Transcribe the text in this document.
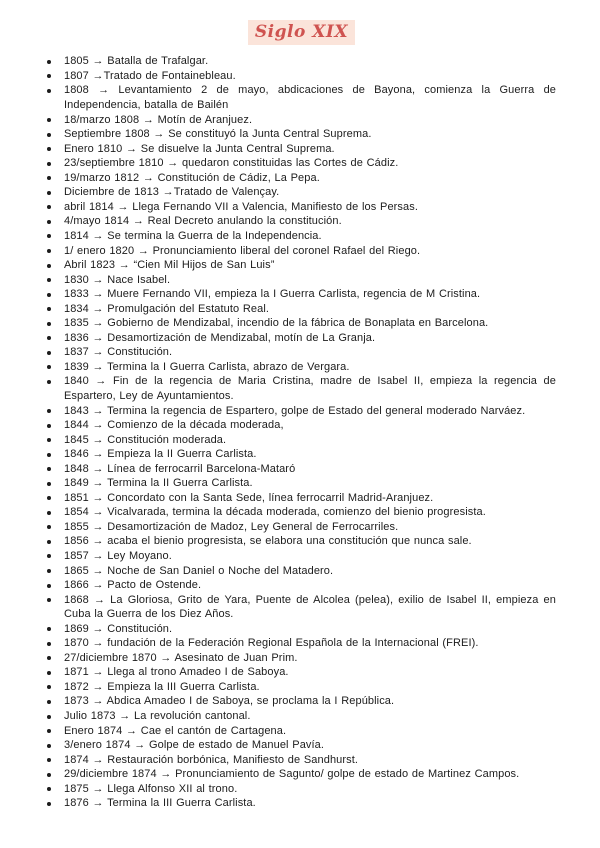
Siglo XIX
1805 → Batalla de Trafalgar.
1807 →Tratado de Fontainebleau.
1808 → Levantamiento 2 de mayo, abdicaciones de Bayona, comienza la Guerra de Independencia, batalla de Bailén
18/marzo 1808 → Motín de Aranjuez.
Septiembre 1808 → Se constituyó la Junta Central Suprema.
Enero 1810 → Se disuelve la Junta Central Suprema.
23/septiembre 1810 → quedaron constituidas las Cortes de Cádiz.
19/marzo 1812 → Constitución de Cádiz, La Pepa.
Diciembre de 1813 →Tratado de Valençay.
abril 1814 → Llega Fernando VII a Valencia, Manifiesto de los Persas.
4/mayo 1814 → Real Decreto anulando la constitución.
1814 → Se termina la Guerra de la Independencia.
1/ enero 1820 → Pronunciamiento liberal del coronel Rafael del Riego.
Abril 1823 → “Cien Mil Hijos de San Luis”
1830 → Nace Isabel.
1833 → Muere Fernando VII, empieza la I Guerra Carlista, regencia de M Cristina.
1834 → Promulgación del Estatuto Real.
1835 → Gobierno de Mendizabal, incendio de la fábrica de Bonaplata en Barcelona.
1836 → Desamortización de Mendizabal, motín de La Granja.
1837 → Constitución.
1839 → Termina la I Guerra Carlista, abrazo de Vergara.
1840 → Fin de la regencia de Maria Cristina, madre de Isabel II, empieza la regencia de Espartero, Ley de Ayuntamientos.
1843 → Termina la regencia de Espartero, golpe de Estado del general moderado Narváez.
1844 → Comienzo de la década moderada,
1845 → Constitución moderada.
1846 → Empieza la II Guerra Carlista.
1848 → Línea de ferrocarril Barcelona-Mataró
1849 → Termina la II Guerra Carlista.
1851 → Concordato con la Santa Sede, línea ferrocarril Madrid-Aranjuez.
1854 → Vicalvarada, termina la década moderada, comienzo del bienio progresista.
1855 → Desamortización de Madoz, Ley General de Ferrocarriles.
1856 → acaba el bienio progresista, se elabora una constitución que nunca sale.
1857 → Ley Moyano.
1865 → Noche de San Daniel o Noche del Matadero.
1866 → Pacto de Ostende.
1868 → La Gloriosa, Grito de Yara, Puente de Alcolea (pelea), exilio de Isabel II, empieza en Cuba la Guerra de los Diez Años.
1869 → Constitución.
1870 → fundación de la Federación Regional Española de la Internacional (FREI).
27/diciembre 1870 → Asesinato de Juan Prim.
1871 → Llega al trono Amadeo I de Saboya.
1872 → Empieza la III Guerra Carlista.
1873 → Abdica Amadeo I de Saboya, se proclama la I República.
Julio 1873 → La revolución cantonal.
Enero 1874 → Cae el cantón de Cartagena.
3/enero 1874 → Golpe de estado de Manuel Pavía.
1874 → Restauración borbónica, Manifiesto de Sandhurst.
29/diciembre 1874 → Pronunciamiento de Sagunto/ golpe de estado de Martinez Campos.
1875 → Llega Alfonso XII al trono.
1876 → Termina la III Guerra Carlista.
